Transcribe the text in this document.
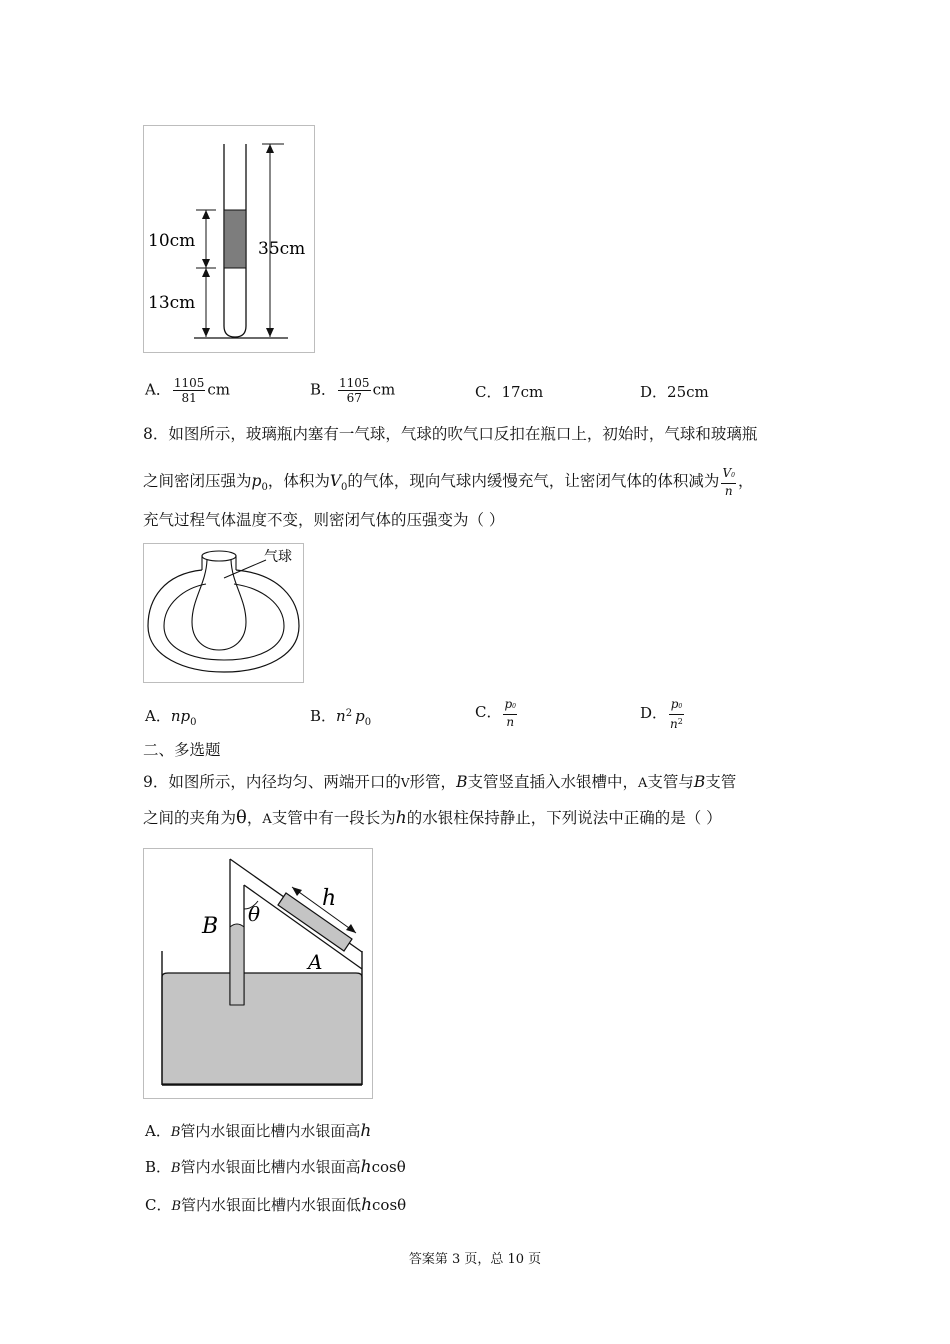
10cm
13cm
35cm
A． $\frac{1105}{81}$ cm	B． $\frac{1105}{67}$ cm	C．17cm	D．25cm
8．如图所示，玻璃瓶内塞有一气球，气球的吹气口反扣在瓶口上，初始时，气球和玻璃瓶
之间密闭压强为$p_0$，体积为$V_0$的气体，现向气球内缓慢充气，让密闭气体的体积减为 $\frac{V0}{n}$ ，
充气过程气体温度不变，则密闭气体的压强变为（ ）
气球
A．$np_0$	B．$n^2$ $p_0$
C． $\frac{p0}{n}$	D． $\frac{p0}{n^2}$
二、多选题
9．如图所示，内径均匀、两端开口的V形管，B支管竖直插入水银槽中，A支管与B支管
之间的夹角为θ，A支管中有一段长为h的水银柱保持静止，下列说法中正确的是（ ）
B θ
h
A
A．B管内水银面比槽内水银面高h
B．B管内水银面比槽内水银面高hcosθ
C．B管内水银面比槽内水银面低hcosθ
答案第 3 页，总 10 页
